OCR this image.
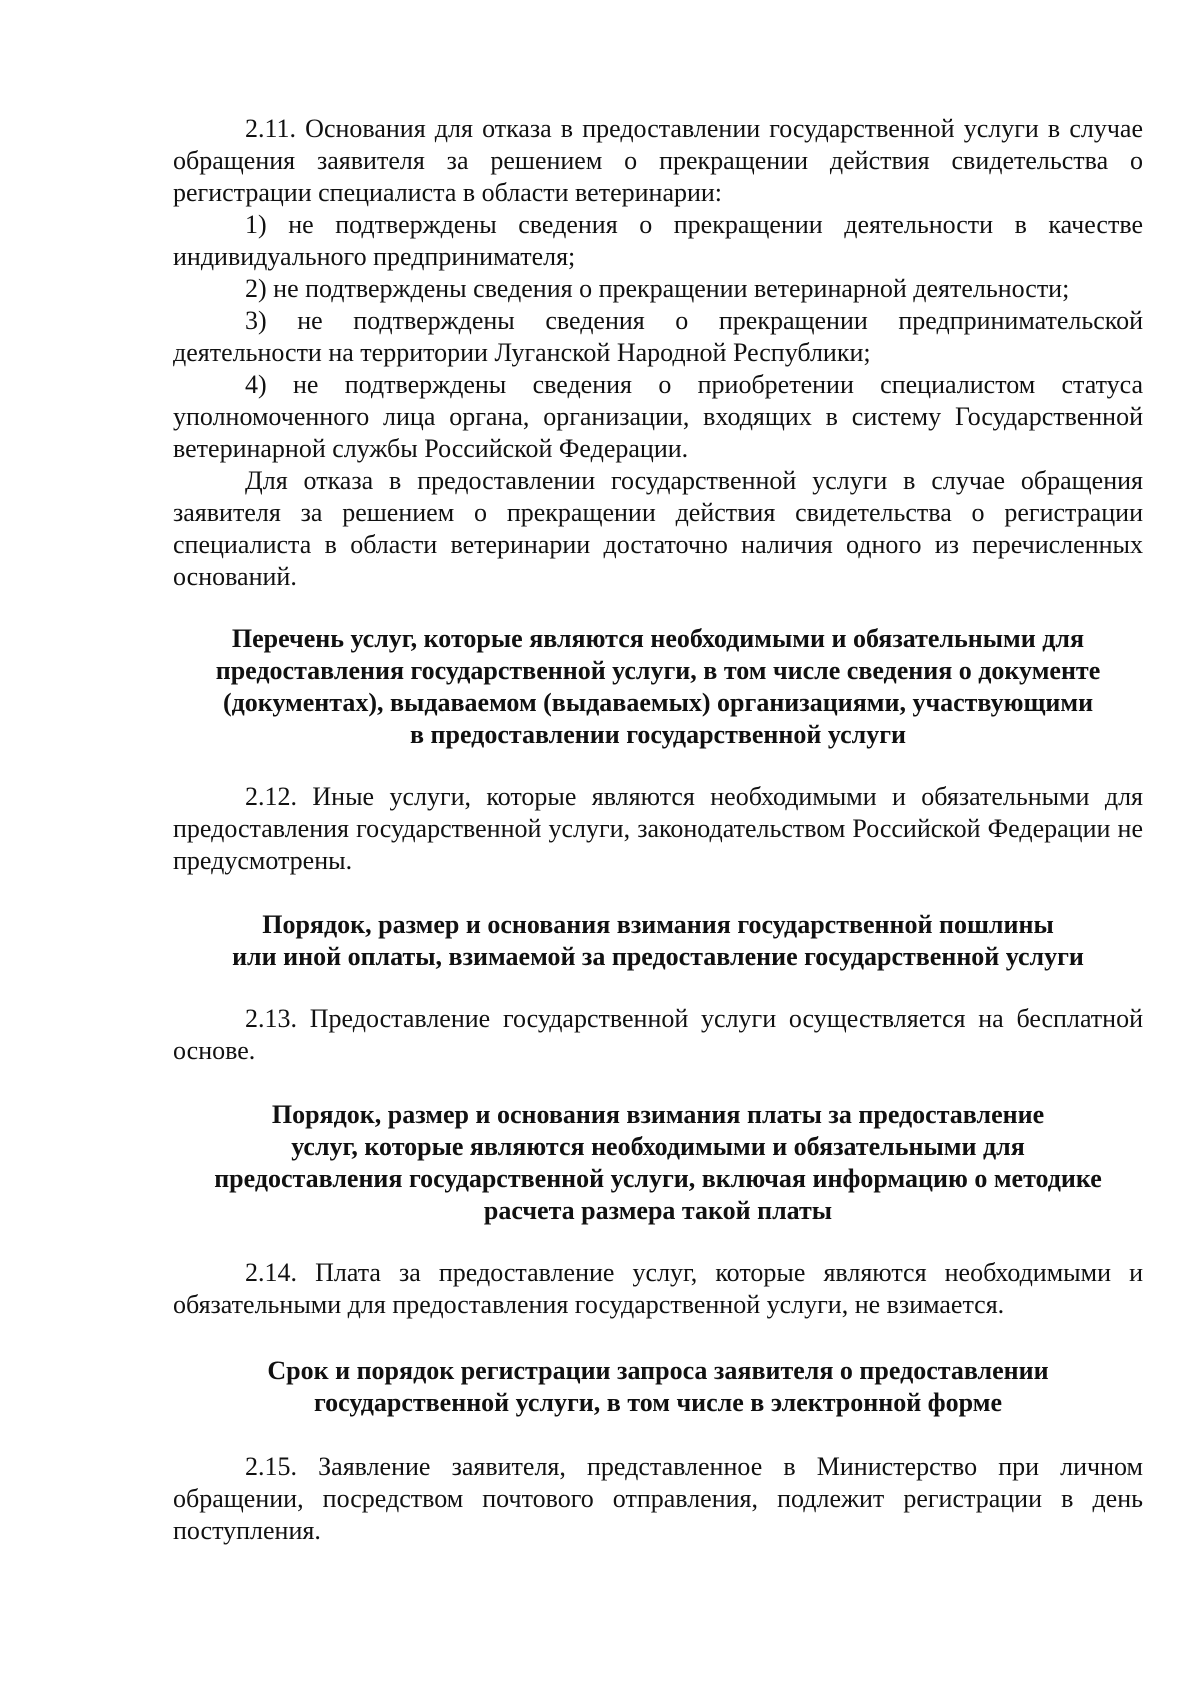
2.11. Основания для отказа в предоставлении государственной услуги в случае обращения заявителя за решением о прекращении действия свидетельства о регистрации специалиста в области ветеринарии:

1) не подтверждены сведения о прекращении деятельности в качестве индивидуального предпринимателя;

2) не подтверждены сведения о прекращении ветеринарной деятельности;

3) не подтверждены сведения о прекращении предпринимательской деятельности на территории Луганской Народной Республики;

4) не подтверждены сведения о приобретении специалистом статуса уполномоченного лица органа, организации, входящих в систему Государственной ветеринарной службы Российской Федерации.

Для отказа в предоставлении государственной услуги в случае обращения заявителя за решением о прекращении действия свидетельства о регистрации специалиста в области ветеринарии достаточно наличия одного из перечисленных оснований.

Перечень услуг, которые являются необходимыми и обязательными для
предоставления государственной услуги, в том числе сведения о документе
(документах), выдаваемом (выдаваемых) организациями, участвующими
в предоставлении государственной услуги

2.12. Иные услуги, которые являются необходимыми и обязательными для предоставления государственной услуги, законодательством Российской Федерации не предусмотрены.

Порядок, размер и основания взимания государственной пошлины
или иной оплаты, взимаемой за предоставление государственной услуги

2.13. Предоставление государственной услуги осуществляется на бесплатной основе.

Порядок, размер и основания взимания платы за предоставление
услуг, которые являются необходимыми и обязательными для
предоставления государственной услуги, включая информацию о методике
расчета размера такой платы

2.14. Плата за предоставление услуг, которые являются необходимыми и обязательными для предоставления государственной услуги, не взимается.

Срок и порядок регистрации запроса заявителя о предоставлении
государственной услуги, в том числе в электронной форме

2.15. Заявление заявителя, представленное в Министерство при личном обращении, посредством почтового отправления, подлежит регистрации в день поступления.
